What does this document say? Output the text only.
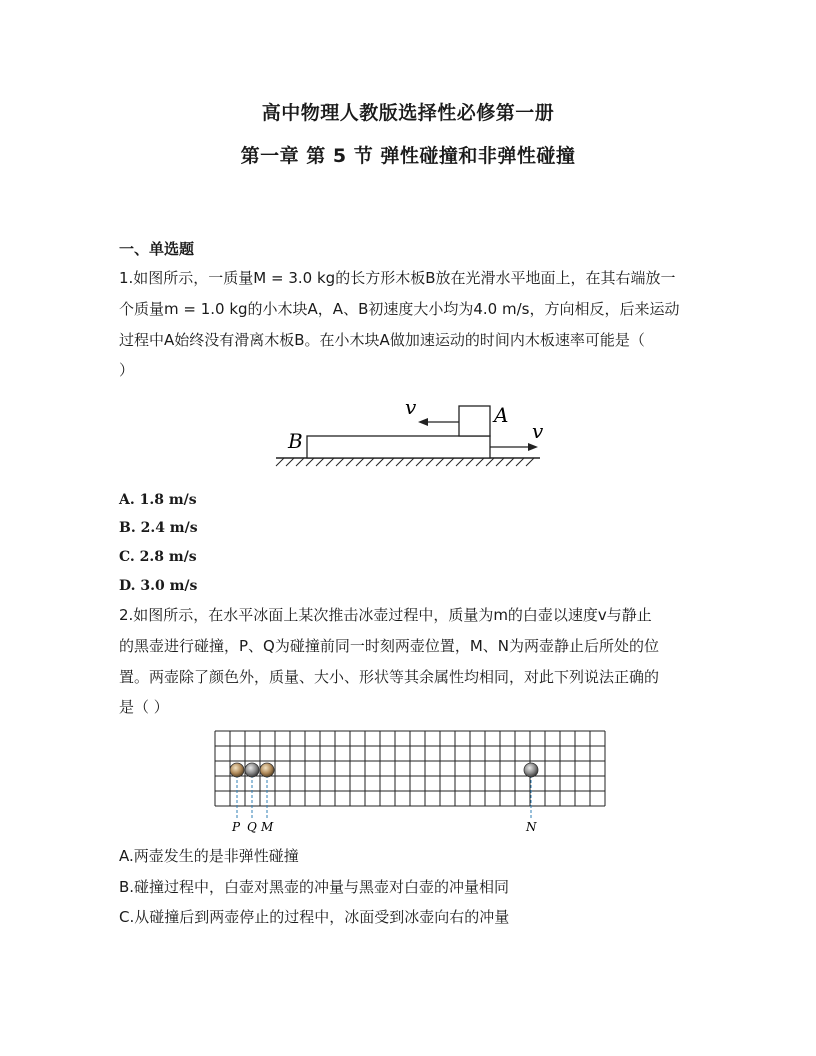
高中物理人教版选择性必修第一册
第一章 第 5 节 弹性碰撞和非弹性碰撞
一、单选题
1.如图所示，一质量M = 3.0 kg的长方形木板B放在光滑水平地面上，在其右端放一
个质量m = 1.0 kg的小木块A，A、B初速度大小均为4.0 m/s，方向相反，后来运动
过程中A始终没有滑离木板B。在小木块A做加速运动的时间内木板速率可能是（
）
v	A
B	v
A. 1.8 m/s
B. 2.4 m/s
C. 2.8 m/s
D. 3.0 m/s
2.如图所示，在水平冰面上某次推击冰壶过程中，质量为m的白壶以速度v与静止
的黑壶进行碰撞，P、Q为碰撞前同一时刻两壶位置，M、N为两壶静止后所处的位
置。两壶除了颜色外，质量、大小、形状等其余属性均相同，对此下列说法正确的
是（ ）
P Q M	N
A.两壶发生的是非弹性碰撞
B.碰撞过程中，白壶对黑壶的冲量与黑壶对白壶的冲量相同
C.从碰撞后到两壶停止的过程中，冰面受到冰壶向右的冲量
